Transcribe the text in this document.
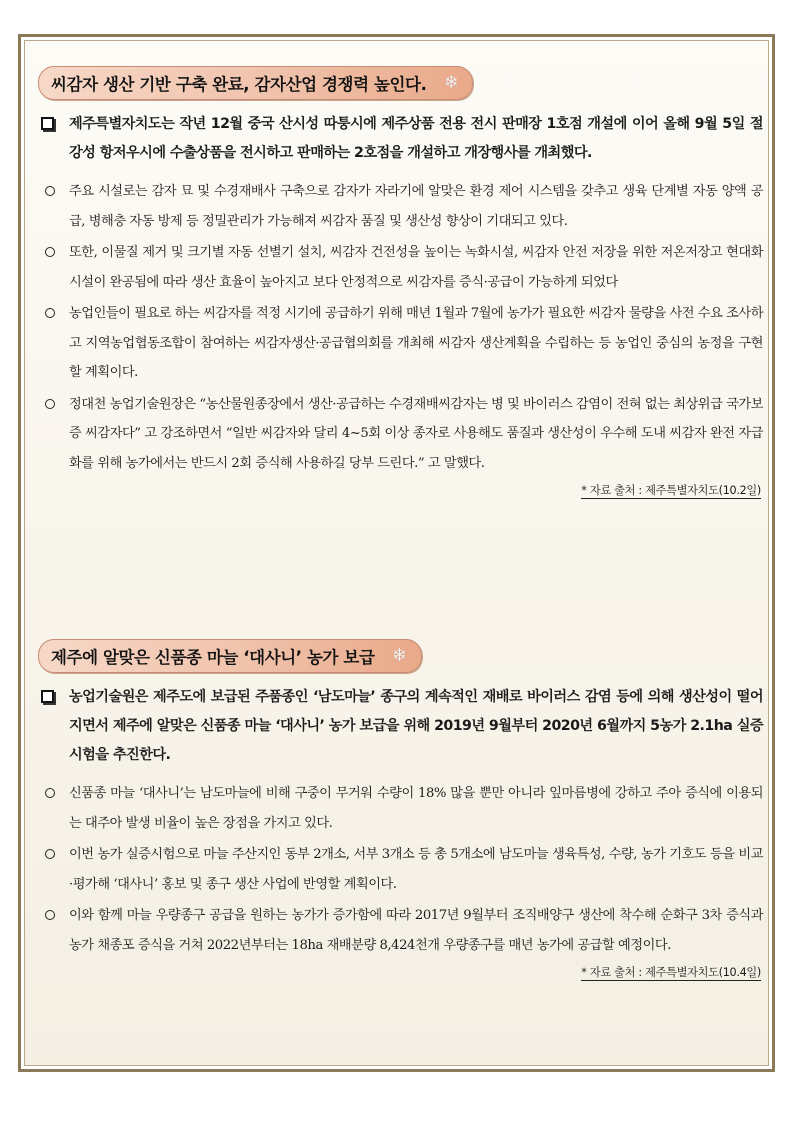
씨감자 생산 기반 구축 완료, 감자산업 경쟁력 높인다. ❄
제주특별자치도는 작년 12월 중국 산시성 따퉁시에 제주상품 전용 전시 판매장 1호점 개설에 이어 올해 9월 5일 절강성 항저우시에 수출상품을 전시하고 판매하는 2호점을 개설하고 개장행사를 개최했다.
주요 시설로는 감자 묘 및 수경재배사 구축으로 감자가 자라기에 알맞은 환경 제어 시스템을 갖추고 생육 단계별 자동 양액 공급, 병해충 자동 방제 등 정밀관리가 가능해져 씨감자 품질 및 생산성 향상이 기대되고 있다.
또한, 이물질 제거 및 크기별 자동 선별기 설치, 씨감자 건전성을 높이는 녹화시설, 씨감자 안전 저장을 위한 저온저장고 현대화 시설이 완공됨에 따라 생산 효율이 높아지고 보다 안정적으로 씨감자를 증식·공급이 가능하게 되었다
농업인들이 필요로 하는 씨감자를 적정 시기에 공급하기 위해 매년 1월과 7월에 농가가 필요한 씨감자 물량을 사전 수요 조사하고 지역농업협동조합이 참여하는 씨감자생산·공급협의회를 개최해 씨감자 생산계획을 수립하는 등 농업인 중심의 농정을 구현할 계획이다.
정대천 농업기술원장은 “농산물원종장에서 생산·공급하는 수경재배씨감자는 병 및 바이러스 감염이 전혀 없는 최상위급 국가보증 씨감자다” 고 강조하면서 “일반 씨감자와 달리 4~5회 이상 종자로 사용해도 품질과 생산성이 우수해 도내 씨감자 완전 자급화를 위해 농가에서는 반드시 2회 증식해 사용하길 당부 드린다.” 고 말했다.
* 자료 출처 : 제주특별자치도(10.2일)
제주에 알맞은 신품종 마늘 ‘대사니’ 농가 보급 ❄
농업기술원은 제주도에 보급된 주품종인 ‘남도마늘’ 종구의 계속적인 재배로 바이러스 감염 등에 의해 생산성이 떨어지면서 제주에 알맞은 신품종 마늘 ‘대사니’ 농가 보급을 위해 2019년 9월부터 2020년 6월까지 5농가 2.1ha 실증시험을 추진한다.
신품종 마늘 ‘대사니’는 남도마늘에 비해 구중이 무거워 수량이 18% 많을 뿐만 아니라 잎마름병에 강하고 주아 증식에 이용되는 대주아 발생 비율이 높은 장점을 가지고 있다.
이번 농가 실증시험으로 마늘 주산지인 동부 2개소, 서부 3개소 등 총 5개소에 남도마늘 생육특성, 수량, 농가 기호도 등을 비교·평가해 ‘대사니’ 홍보 및 종구 생산 사업에 반영할 계획이다.
이와 함께 마늘 우량종구 공급을 원하는 농가가 증가함에 따라 2017년 9월부터 조직배양구 생산에 착수해 순화구 3차 증식과 농가 채종포 증식을 거쳐 2022년부터는 18ha 재배분량 8,424천개 우량종구를 매년 농가에 공급할 예정이다.
* 자료 출처 : 제주특별자치도(10.4일)
